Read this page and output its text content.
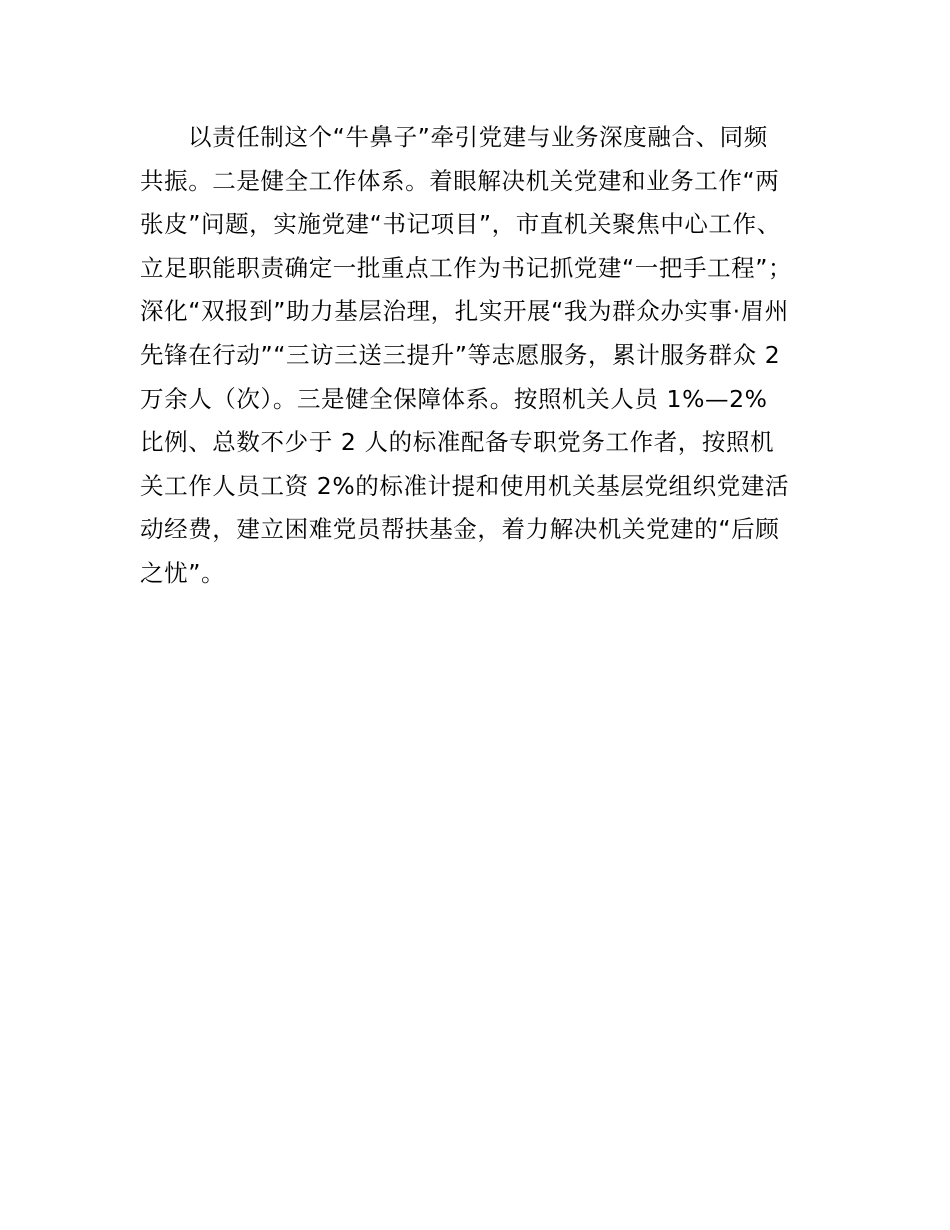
以责任制这个“牛鼻子”牵引党建与业务深度融合、同频
共振。二是健全工作体系。着眼解决机关党建和业务工作“两
张皮”问题，实施党建“书记项目”，市直机关聚焦中心工作、
立足职能职责确定一批重点工作为书记抓党建“一把手工程”；
深化“双报到”助力基层治理，扎实开展“我为群众办实事·眉州
先锋在行动”“三访三送三提升”等志愿服务，累计服务群众 2
万余人（次）。三是健全保障体系。按照机关人员 1%—2%
比例、总数不少于 2 人的标准配备专职党务工作者，按照机
关工作人员工资 2%的标准计提和使用机关基层党组织党建活
动经费，建立困难党员帮扶基金，着力解决机关党建的“后顾
之忧”。
